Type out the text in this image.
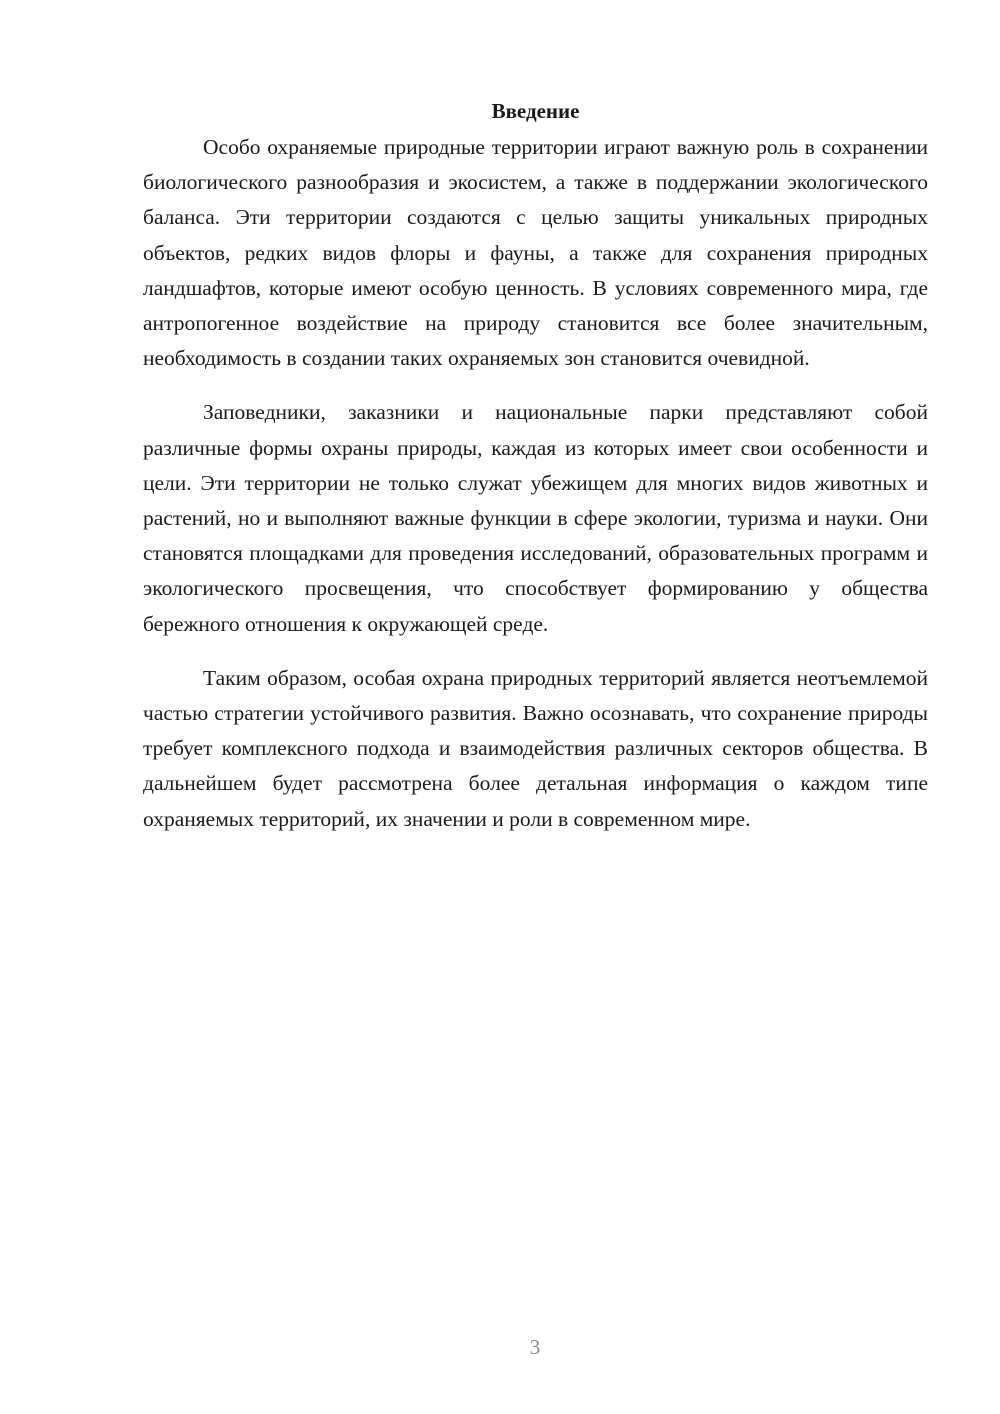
Введение

Особо охраняемые природные территории играют важную роль в сохранении биологического разнообразия и экосистем, а также в поддержании экологического баланса. Эти территории создаются с целью защиты уникальных природных объектов, редких видов флоры и фауны, а также для сохранения природных ландшафтов, которые имеют особую ценность. В условиях современного мира, где антропогенное воздействие на природу становится все более значительным, необходимость в создании таких охраняемых зон становится очевидной.

Заповедники, заказники и национальные парки представляют собой различные формы охраны природы, каждая из которых имеет свои особенности и цели. Эти территории не только служат убежищем для многих видов животных и растений, но и выполняют важные функции в сфере экологии, туризма и науки. Они становятся площадками для проведения исследований, образовательных программ и экологического просвещения, что способствует формированию у общества бережного отношения к окружающей среде.

Таким образом, особая охрана природных территорий является неотъемлемой частью стратегии устойчивого развития. Важно осознавать, что сохранение природы требует комплексного подхода и взаимодействия различных секторов общества. В дальнейшем будет рассмотрена более детальная информация о каждом типе охраняемых территорий, их значении и роли в современном мире.

3
